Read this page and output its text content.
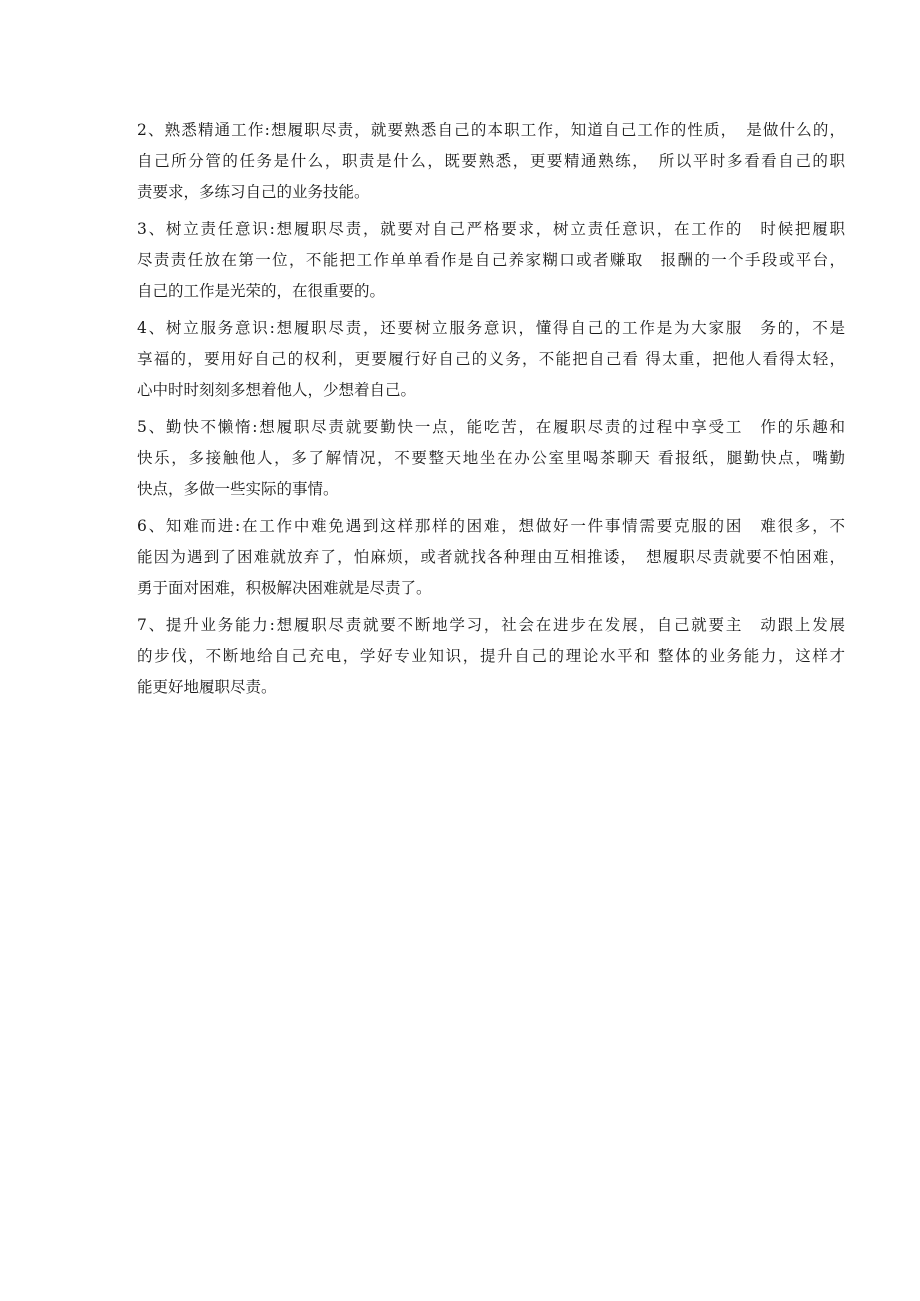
2、熟悉精通工作:想履职尽责，就要熟悉自己的本职工作，知道自己工作的性质，　是做什么的，
自己所分管的任务是什么，职责是什么，既要熟悉，更要精通熟练，　所以平时多看看自己的职
责要求，多练习自己的业务技能。

3、树立责任意识:想履职尽责，就要对自己严格要求，树立责任意识，在工作的　时候把履职
尽责责任放在第一位，不能把工作单单看作是自己养家糊口或者赚取　报酬的一个手段或平台，
自己的工作是光荣的，在很重要的。

4、树立服务意识:想履职尽责，还要树立服务意识，懂得自己的工作是为大家服　务的，不是
享福的，要用好自己的权利，更要履行好自己的义务，不能把自己看 得太重，把他人看得太轻，
心中时时刻刻多想着他人，少想着自己。

5、勤快不懒惰:想履职尽责就要勤快一点，能吃苦，在履职尽责的过程中享受工　作的乐趣和
快乐，多接触他人，多了解情况，不要整天地坐在办公室里喝茶聊天 看报纸，腿勤快点，嘴勤
快点，多做一些实际的事情。

6、知难而进:在工作中难免遇到这样那样的困难，想做好一件事情需要克服的困　难很多，不
能因为遇到了困难就放弃了，怕麻烦，或者就找各种理由互相推诿，　想履职尽责就要不怕困难，
勇于面对困难，积极解决困难就是尽责了。

7、提升业务能力:想履职尽责就要不断地学习，社会在进步在发展，自己就要主　动跟上发展
的步伐，不断地给自己充电，学好专业知识，提升自己的理论水平和 整体的业务能力，这样才
能更好地履职尽责。
